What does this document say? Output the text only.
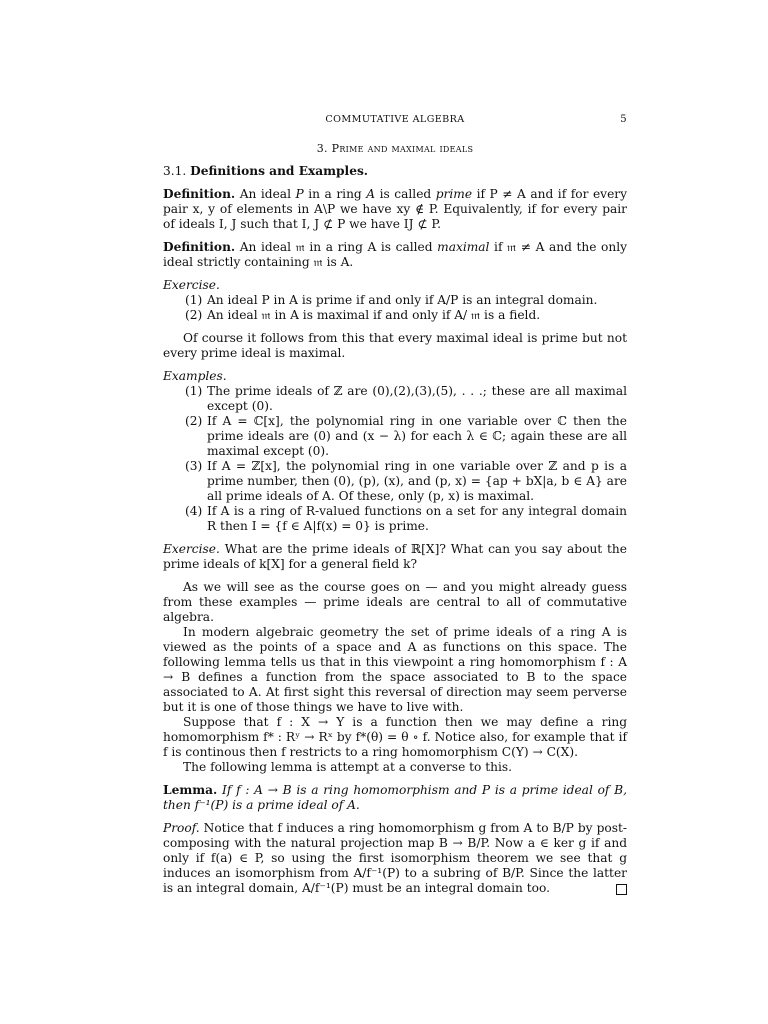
COMMUTATIVE ALGEBRA	5
3. Prime and maximal ideals
3.1. Definitions and Examples.

Definition. An ideal P in a ring A is called prime if P ≠ A and if for every pair x, y of elements in A\P we have xy ∉ P. Equivalently, if for every pair of ideals I, J such that I, J ⊄ P we have IJ ⊄ P.

Definition. An ideal 𝔪 in a ring A is called maximal if 𝔪 ≠ A and the only ideal strictly containing 𝔪 is A.

Exercise.

(1) An ideal P in A is prime if and only if A/P is an integral domain.
(2) An ideal 𝔪 in A is maximal if and only if A/ 𝔪 is a field.

Of course it follows from this that every maximal ideal is prime but not every prime ideal is maximal.

Examples.

(1) The prime ideals of ℤ are (0),(2),(3),(5), . . .; these are all maximal except (0).
(2) If A = ℂ[x], the polynomial ring in one variable over ℂ then the prime ideals are (0) and (x − λ) for each λ ∈ ℂ; again these are all maximal except (0).
(3) If A = ℤ[x], the polynomial ring in one variable over ℤ and p is a prime number, then (0), (p), (x), and (p, x) = {ap + bX|a, b ∈ A} are all prime ideals of A. Of these, only (p, x) is maximal.
(4) If A is a ring of R-valued functions on a set for any integral domain R then I = {f ∈ A|f(x) = 0} is prime.

Exercise. What are the prime ideals of ℝ[X]? What can you say about the prime ideals of k[X] for a general field k?

As we will see as the course goes on — and you might already guess from these examples — prime ideals are central to all of commutative algebra.

In modern algebraic geometry the set of prime ideals of a ring A is viewed as the points of a space and A as functions on this space. The following lemma tells us that in this viewpoint a ring homomorphism f : A → B defines a function from the space associated to B to the space associated to A. At first sight this reversal of direction may seem perverse but it is one of those things we have to live with.

Suppose that f : X → Y is a function then we may define a ring homomorphism f* : Rʸ → Rˣ by f*(θ) = θ ∘ f. Notice also, for example that if f is continous then f restricts to a ring homomorphism C(Y) → C(X).

The following lemma is attempt at a converse to this.

Lemma. If f : A → B is a ring homomorphism and P is a prime ideal of B, then f⁻¹(P) is a prime ideal of A.

Proof. Notice that f induces a ring homomorphism g from A to B/P by post-composing with the natural projection map B → B/P. Now a ∈ ker g if and only if f(a) ∈ P, so using the first isomorphism theorem we see that g induces an isomorphism from A/f⁻¹(P) to a subring of B/P. Since the latter is an integral domain, A/f⁻¹(P) must be an integral domain too.
